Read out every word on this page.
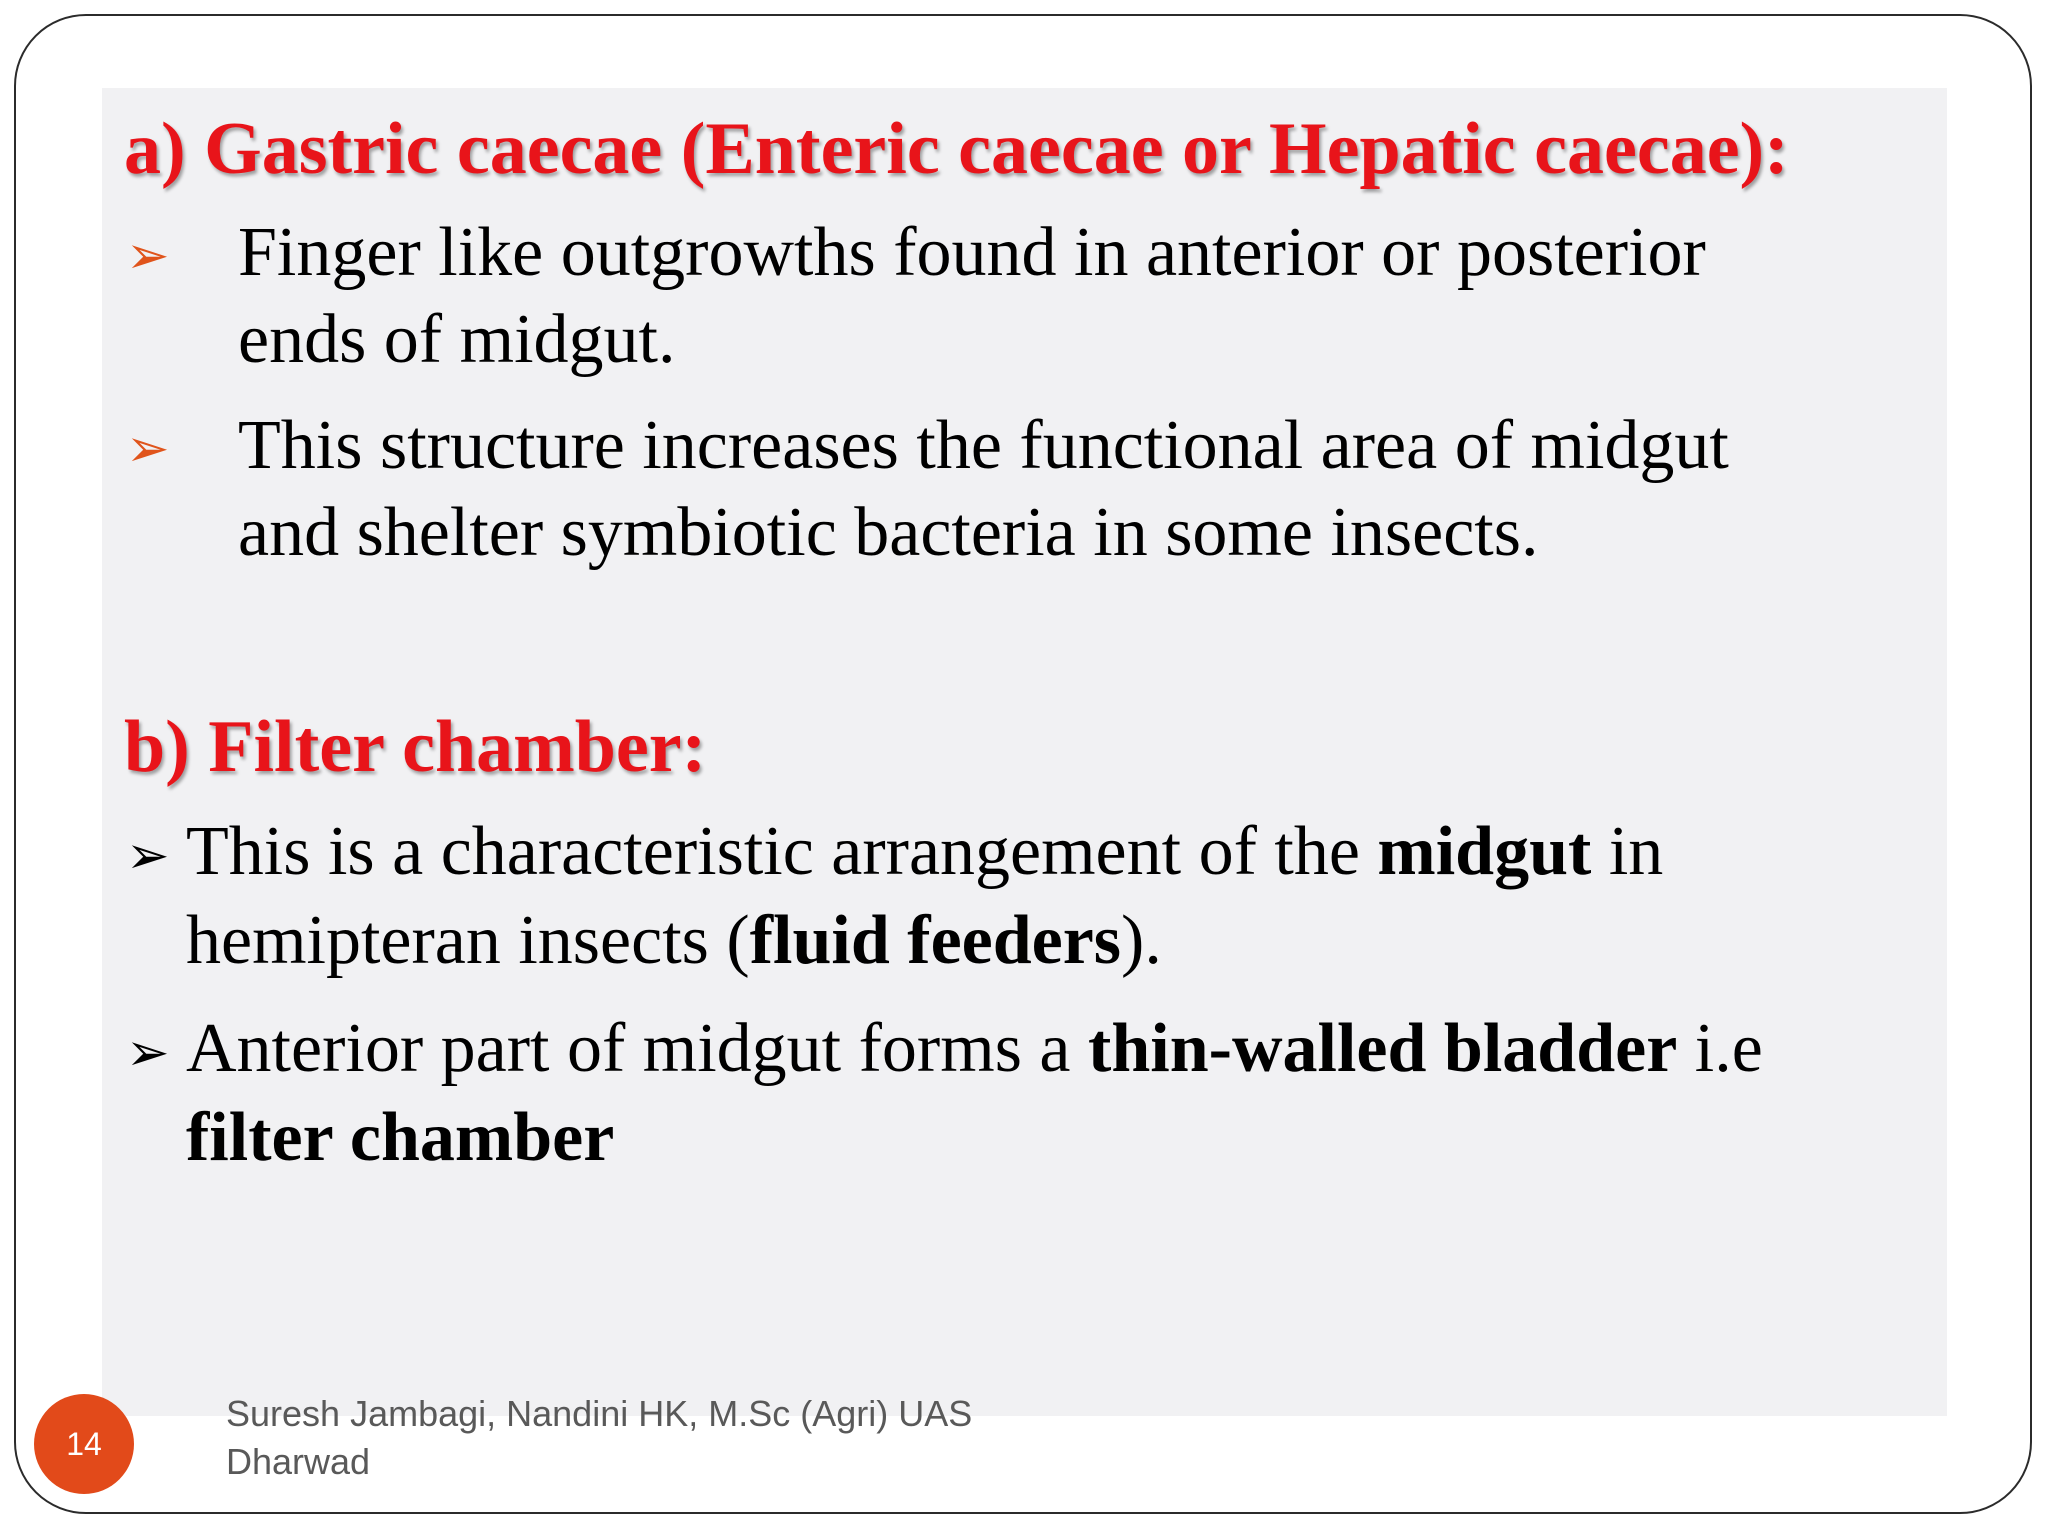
a) Gastric caecae (Enteric caecae or Hepatic caecae):
➢ Finger like outgrowths found in anterior or posterior
ends of midgut.
➢ This structure increases the functional area of midgut
and shelter symbiotic bacteria in some insects.
b) Filter chamber:
➢ This is a characteristic arrangement of the midgut in
hemipteran insects (fluid feeders).
➢ Anterior part of midgut forms a thin-walled bladder i.e
filter chamber
14
Suresh Jambagi, Nandini HK, M.Sc (Agri) UAS
Dharwad
